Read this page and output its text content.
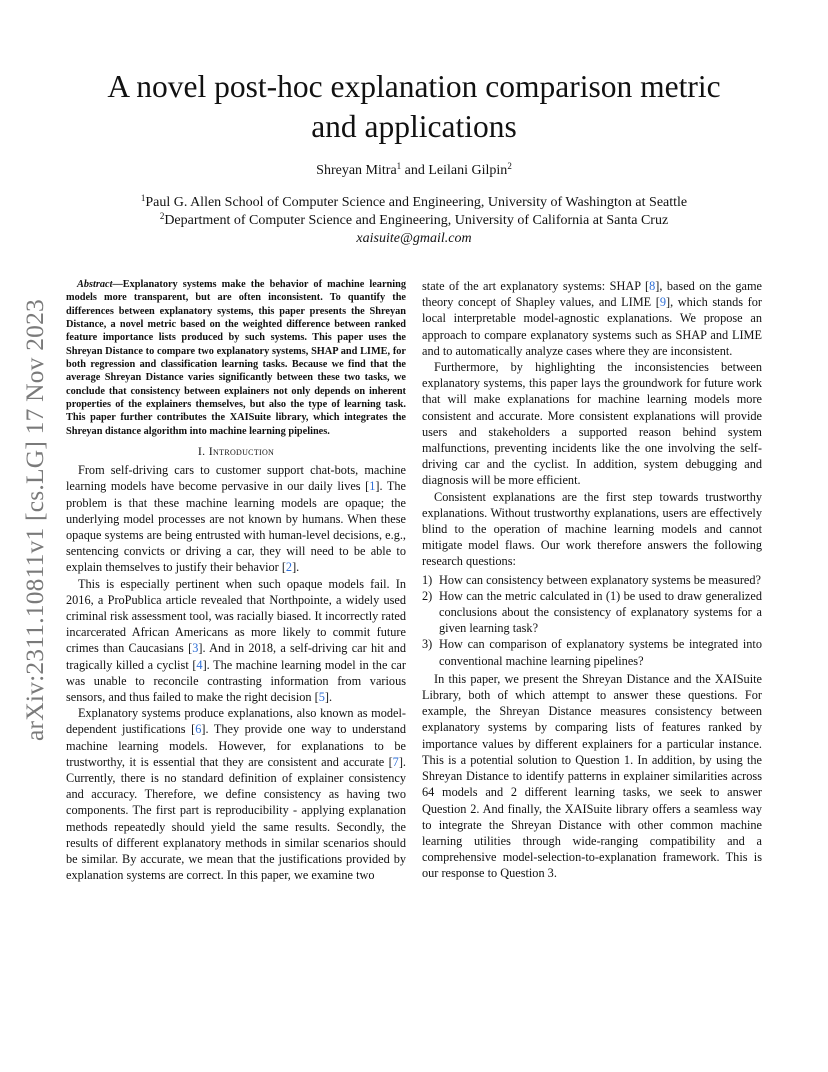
arXiv:2311.10811v1 [cs.LG] 17 Nov 2023
A novel post-hoc explanation comparison metric
and applications
Shreyan Mitra$^1$ and Leilani Gilpin$^2$
$^1$Paul G. Allen School of Computer Science and Engineering, University of Washington at Seattle
$^2$Department of Computer Science and Engineering, University of California at Santa Cruz
xaisuite@gmail.com

Abstract—Explanatory systems make the behavior of machine learning models more transparent, but are often inconsistent. To quantify the differences between explanatory systems, this paper presents the Shreyan Distance, a novel metric based on the weighted difference between ranked feature importance lists produced by such systems. This paper uses the Shreyan Distance to compare two explanatory systems, SHAP and LIME, for both regression and classification learning tasks. Because we find that the average Shreyan Distance varies significantly between these two tasks, we conclude that consistency between explainers not only depends on inherent properties of the explainers themselves, but also the type of learning task. This paper further contributes the XAISuite library, which integrates the Shreyan distance algorithm into machine learning pipelines.

I. Introduction

From self-driving cars to customer support chat-bots, machine learning models have become pervasive in our daily lives [1]. The problem is that these machine learning models are opaque; the underlying model processes are not known by humans. When these opaque systems are being entrusted with human-level decisions, e.g., sentencing convicts or driving a car, they will need to be able to explain themselves to justify their behavior [2].

This is especially pertinent when such opaque models fail. In 2016, a ProPublica article revealed that Northpointe, a widely used criminal risk assessment tool, was racially biased. It incorrectly rated incarcerated African Americans as more likely to commit future crimes than Caucasians [3]. And in 2018, a self-driving car hit and tragically killed a cyclist [4]. The machine learning model in the car was unable to reconcile contrasting information from various sensors, and thus failed to make the right decision [5].

Explanatory systems produce explanations, also known as model-dependent justifications [6]. They provide one way to understand machine learning models. However, for explanations to be trustworthy, it is essential that they are consistent and accurate [7]. Currently, there is no standard definition of explainer consistency and accuracy. Therefore, we define consistency as having two components. The first part is reproducibility - applying explanation methods repeatedly should yield the same results. Secondly, the results of different explanatory methods in similar scenarios should be similar. By accurate, we mean that the justifications provided by explanation systems are correct. In this paper, we examine two

state of the art explanatory systems: SHAP [8], based on the game theory concept of Shapley values, and LIME [9], which stands for local interpretable model-agnostic explanations. We propose an approach to compare explanatory systems such as SHAP and LIME and to automatically analyze cases where they are inconsistent.

Furthermore, by highlighting the inconsistencies between explanatory systems, this paper lays the groundwork for future work that will make explanations for machine learning models more consistent and accurate. More consistent explanations will provide users and stakeholders a supported reason behind system malfunctions, preventing incidents like the one involving the self-driving car and the cyclist. In addition, system debugging and diagnosis will be more efficient.

Consistent explanations are the first step towards trustworthy explanations. Without trustworthy explanations, users are effectively blind to the operation of machine learning models and cannot mitigate model flaws. Our work therefore answers the following research questions:

1) How can consistency between explanatory systems be measured?
2) How can the metric calculated in (1) be used to draw generalized conclusions about the consistency of explanatory systems for a given learning task?
3) How can comparison of explanatory systems be integrated into conventional machine learning pipelines?

In this paper, we present the Shreyan Distance and the XAISuite Library, both of which attempt to answer these questions. For example, the Shreyan Distance measures consistency between explanatory systems by comparing lists of features ranked by importance values by different explainers for a particular instance. This is a potential solution to Question 1. In addition, by using the Shreyan Distance to identify patterns in explainer similarities across 64 models and 2 different learning tasks, we seek to answer Question 2. And finally, the XAISuite library offers a seamless way to integrate the Shreyan Distance with other common machine learning utilities through wide-ranging compatibility and a comprehensive model-selection-to-explanation framework. This is our response to Question 3.
